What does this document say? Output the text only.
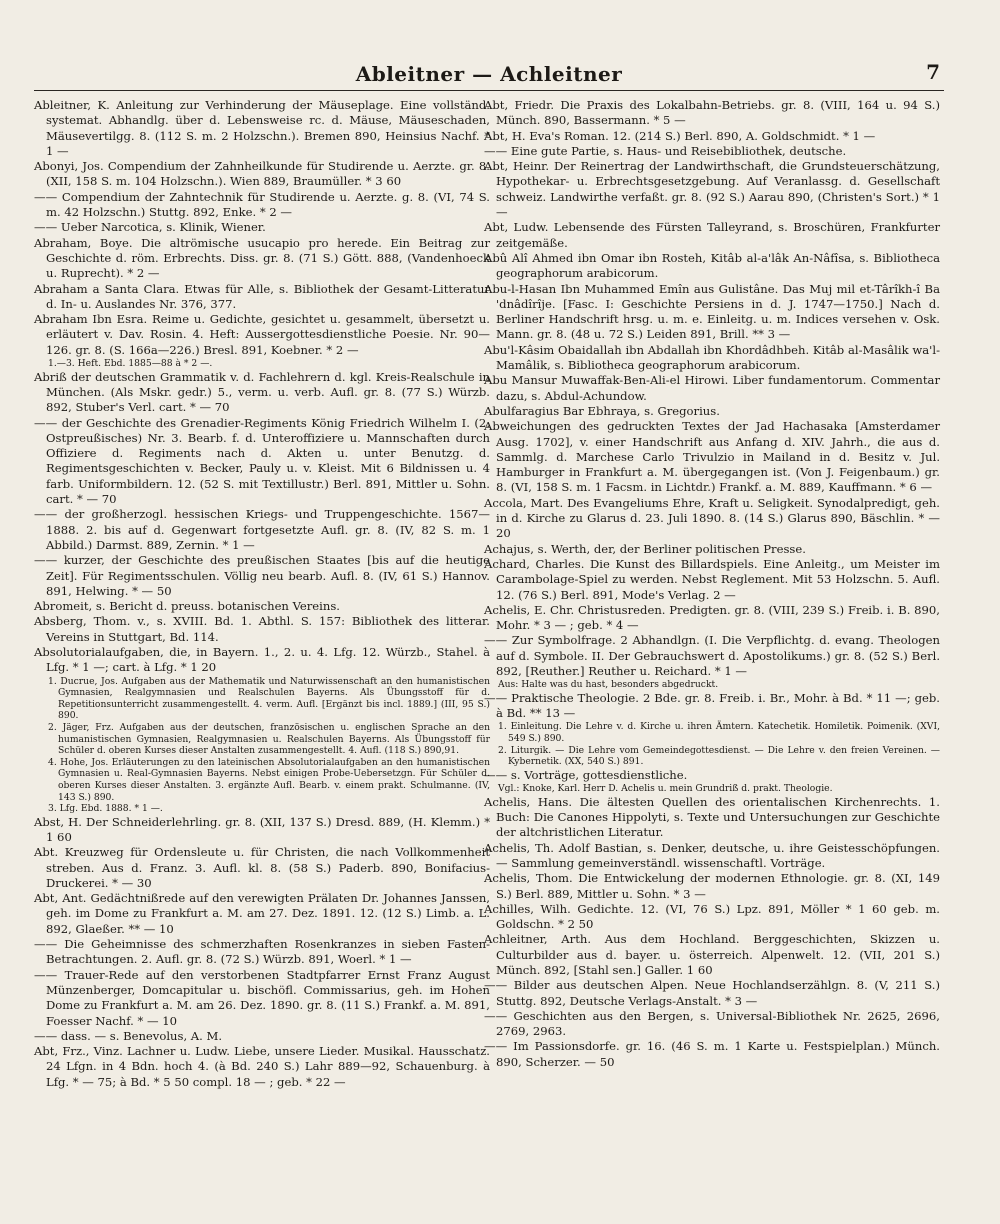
Ableitner — Achleitner	7

Ableitner, K. Anleitung zur Verhinderung der Mäuseplage. Eine vollständ. systemat. Abhandlg. über d. Lebensweise rc. d. Mäuse, Mäuseschaden, Mäusevertilgg. 8. (112 S. m. 2 Holzschn.). Bremen 890, Heinsius Nachf. * 1 —

Abonyi, Jos. Compendium der Zahnheilkunde für Studirende u. Aerzte. gr. 8. (XII, 158 S. m. 104 Holzschn.). Wien 889, Braumüller. * 3 60

—— Compendium der Zahntechnik für Studirende u. Aerzte. g. 8. (VI, 74 S. m. 42 Holzschn.) Stuttg. 892, Enke. * 2 —

—— Ueber Narcotica, s. Klinik, Wiener.

Abraham, Boye. Die altrömische usucapio pro herede. Ein Beitrag zur Geschichte d. röm. Erbrechts. Diss. gr. 8. (71 S.) Gött. 888, (Vandenhoeck u. Ruprecht). * 2 —

Abraham a Santa Clara. Etwas für Alle, s. Bibliothek der Gesamt-Litteratur d. In- u. Auslandes Nr. 376, 377.

Abraham Ibn Esra. Reime u. Gedichte, gesichtet u. gesammelt, übersetzt u. erläutert v. Dav. Rosin. 4. Heft: Aussergottesdienstliche Poesie. Nr. 90—126. gr. 8. (S. 166a—226.) Bresl. 891, Koebner. * 2 —

1.—3. Heft. Ebd. 1885—88 à * 2 —.

Abriß der deutschen Grammatik v. d. Fachlehrern d. kgl. Kreis-Realschule in München. (Als Mskr. gedr.) 5., verm. u. verb. Aufl. gr. 8. (77 S.) Würzb. 892, Stuber's Verl. cart. * — 70

—— der Geschichte des Grenadier-Regiments König Friedrich Wilhelm I. (2. Ostpreußisches) Nr. 3. Bearb. f. d. Unteroffiziere u. Mannschaften durch Offiziere d. Regiments nach d. Akten u. unter Benutzg. d. Regimentsgeschichten v. Becker, Pauly u. v. Kleist. Mit 6 Bildnissen u. 4 farb. Uniformbildern. 12. (52 S. mit Textillustr.) Berl. 891, Mittler u. Sohn. cart. * — 70

—— der großherzogl. hessischen Kriegs- und Truppengeschichte. 1567—1888. 2. bis auf d. Gegenwart fortgesetzte Aufl. gr. 8. (IV, 82 S. m. 1 Abbild.) Darmst. 889, Zernin. * 1 —

—— kurzer, der Geschichte des preußischen Staates [bis auf die heutige Zeit]. Für Regimentsschulen. Völlig neu bearb. Aufl. 8. (IV, 61 S.) Hannov. 891, Helwing. * — 50

Abromeit, s. Bericht d. preuss. botanischen Vereins.

Absberg, Thom. v., s. XVIII. Bd. 1. Abthl. S. 157: Bibliothek des litterar. Vereins in Stuttgart, Bd. 114.

Absolutorialaufgaben, die, in Bayern. 1., 2. u. 4. Lfg. 12. Würzb., Stahel. à Lfg. * 1 —; cart. à Lfg. * 1 20

1. Ducrue, Jos. Aufgaben aus der Mathematik und Naturwissenschaft an den humanistischen Gymnasien, Realgymnasien und Realschulen Bayerns. Als Übungsstoff für d. Repetitionsunterricht zusammengestellt. 4. verm. Aufl. [Ergänzt bis incl. 1889.] (III, 95 S.) 890.

2. Jäger, Frz. Aufgaben aus der deutschen, französischen u. englischen Sprache an den humanistischen Gymnasien, Realgymnasien u. Realschulen Bayerns. Als Übungsstoff für Schüler d. oberen Kurses dieser Anstalten zusammengestellt. 4. Aufl. (118 S.) 890,91.

4. Hohe, Jos. Erläuterungen zu den lateinischen Absolutorialaufgaben an den humanistischen Gymnasien u. Real-Gymnasien Bayerns. Nebst einigen Probe-Uebersetzgn. Für Schüler d. oberen Kurses dieser Anstalten. 3. ergänzte Aufl. Bearb. v. einem prakt. Schulmanne. (IV, 143 S.) 890.

3. Lfg. Ebd. 1888. * 1 —.

Abst, H. Der Schneiderlehrling. gr. 8. (XII, 137 S.) Dresd. 889, (H. Klemm.) * 1 60

Abt. Kreuzweg für Ordensleute u. für Christen, die nach Vollkommenheit streben. Aus d. Franz. 3. Aufl. kl. 8. (58 S.) Paderb. 890, Bonifacius-Druckerei. * — 30

Abt, Ant. Gedächtnißrede auf den verewigten Prälaten Dr. Johannes Janssen, geh. im Dome zu Frankfurt a. M. am 27. Dez. 1891. 12. (12 S.) Limb. a. L. 892, Glaeßer. ** — 10

—— Die Geheimnisse des schmerzhaften Rosenkranzes in sieben Fasten-Betrachtungen. 2. Aufl. gr. 8. (72 S.) Würzb. 891, Woerl. * 1 —

—— Trauer-Rede auf den verstorbenen Stadtpfarrer Ernst Franz August Münzenberger, Domcapitular u. bischöfl. Commissarius, geh. im Hohen Dome zu Frankfurt a. M. am 26. Dez. 1890. gr. 8. (11 S.) Frankf. a. M. 891, Foesser Nachf. * — 10

—— dass. — s. Benevolus, A. M.

Abt, Frz., Vinz. Lachner u. Ludw. Liebe, unsere Lieder. Musikal. Hausschatz. 24 Lfgn. in 4 Bdn. hoch 4. (à Bd. 240 S.) Lahr 889—92, Schauenburg. à Lfg. * — 75; à Bd. * 5 50 compl. 18 — ; geb. * 22 —

Abt, Friedr. Die Praxis des Lokalbahn-Betriebs. gr. 8. (VIII, 164 u. 94 S.) Münch. 890, Bassermann. * 5 —

Abt, H. Eva's Roman. 12. (214 S.) Berl. 890, A. Goldschmidt. * 1 —

—— Eine gute Partie, s. Haus- und Reisebibliothek, deutsche.

Abt, Heinr. Der Reinertrag der Landwirthschaft, die Grundsteuerschätzung, Hypothekar- u. Erbrechtsgesetzgebung. Auf Veranlassg. d. Gesellschaft schweiz. Landwirthe verfaßt. gr. 8. (92 S.) Aarau 890, (Christen's Sort.) * 1 —

Abt, Ludw. Lebensende des Fürsten Talleyrand, s. Broschüren, Frankfurter zeitgemäße.

Abû Alî Ahmed ibn Omar ibn Rosteh, Kitâb al-a'lâk An-Nâfîsa, s. Bibliotheca geographorum arabicorum.

Abu-l-Hasan Ibn Muhammed Emîn aus Gulistâne. Das Muj mil et-Târîkh-î Ba 'dnâdîrîje. [Fasc. I: Geschichte Persiens in d. J. 1747—1750.] Nach d. Berliner Handschrift hrsg. u. m. e. Einleitg. u. m. Indices versehen v. Osk. Mann. gr. 8. (48 u. 72 S.) Leiden 891, Brill. ** 3 —

Abu'l-Kâsim Obaidallah ibn Abdallah ibn Khordâdhbeh. Kitâb al-Masâlik wa'l-Mamâlik, s. Bibliotheca geographorum arabicorum.

Abu Mansur Muwaffak-Ben-Ali-el Hirowi. Liber fundamentorum. Commentar dazu, s. Abdul-Achundow.

Abulfaragius Bar Ebhraya, s. Gregorius.

Abweichungen des gedruckten Textes der Jad Hachasaka [Amsterdamer Ausg. 1702], v. einer Handschrift aus Anfang d. XIV. Jahrh., die aus d. Sammlg. d. Marchese Carlo Trivulzio in Mailand in d. Besitz v. Jul. Hamburger in Frankfurt a. M. übergegangen ist. (Von J. Feigenbaum.) gr. 8. (VI, 158 S. m. 1 Facsm. in Lichtdr.) Frankf. a. M. 889, Kauffmann. * 6 —

Accola, Mart. Des Evangeliums Ehre, Kraft u. Seligkeit. Synodalpredigt, geh. in d. Kirche zu Glarus d. 23. Juli 1890. 8. (14 S.) Glarus 890, Bäschlin. * — 20

Achajus, s. Werth, der, der Berliner politischen Presse.

Achard, Charles. Die Kunst des Billardspiels. Eine Anleitg., um Meister im Carambolage-Spiel zu werden. Nebst Reglement. Mit 53 Holzschn. 5. Aufl. 12. (76 S.) Berl. 891, Mode's Verlag. 2 —

Achelis, E. Chr. Christusreden. Predigten. gr. 8. (VIII, 239 S.) Freib. i. B. 890, Mohr. * 3 — ; geb. * 4 —

—— Zur Symbolfrage. 2 Abhandlgn. (I. Die Verpflichtg. d. evang. Theologen auf d. Symbole. II. Der Gebrauchswert d. Apostolikums.) gr. 8. (52 S.) Berl. 892, [Reuther.] Reuther u. Reichard. * 1 —

Aus: Halte was du hast, besonders abgedruckt.

—— Praktische Theologie. 2 Bde. gr. 8. Freib. i. Br., Mohr. à Bd. * 11 —; geb. à Bd. ** 13 —

1. Einleitung. Die Lehre v. d. Kirche u. ihren Ämtern. Katechetik. Homiletik. Poimenik. (XVI, 549 S.) 890.

2. Liturgik. — Die Lehre vom Gemeindegottesdienst. — Die Lehre v. den freien Vereinen. — Kybernetik. (XX, 540 S.) 891.

—— s. Vorträge, gottesdienstliche.

Vgl.: Knoke, Karl. Herr D. Achelis u. mein Grundriß d. prakt. Theologie.

Achelis, Hans. Die ältesten Quellen des orientalischen Kirchenrechts. 1. Buch: Die Canones Hippolyti, s. Texte und Untersuchungen zur Geschichte der altchristlichen Literatur.

Achelis, Th. Adolf Bastian, s. Denker, deutsche, u. ihre Geistesschöpfungen. — Sammlung gemeinverständl. wissenschaftl. Vorträge.

Achelis, Thom. Die Entwickelung der modernen Ethnologie. gr. 8. (XI, 149 S.) Berl. 889, Mittler u. Sohn. * 3 —

Achilles, Wilh. Gedichte. 12. (VI, 76 S.) Lpz. 891, Möller * 1 60 geb. m. Goldschn. * 2 50

Achleitner, Arth. Aus dem Hochland. Berggeschichten, Skizzen u. Culturbilder aus d. bayer. u. österreich. Alpenwelt. 12. (VII, 201 S.) Münch. 892, [Stahl sen.] Galler. 1 60

—— Bilder aus deutschen Alpen. Neue Hochlandserzählgn. 8. (V, 211 S.) Stuttg. 892, Deutsche Verlags-Anstalt. * 3 —

—— Geschichten aus den Bergen, s. Universal-Bibliothek Nr. 2625, 2696, 2769, 2963.

—— Im Passionsdorfe. gr. 16. (46 S. m. 1 Karte u. Festspielplan.) Münch. 890, Scherzer. — 50
